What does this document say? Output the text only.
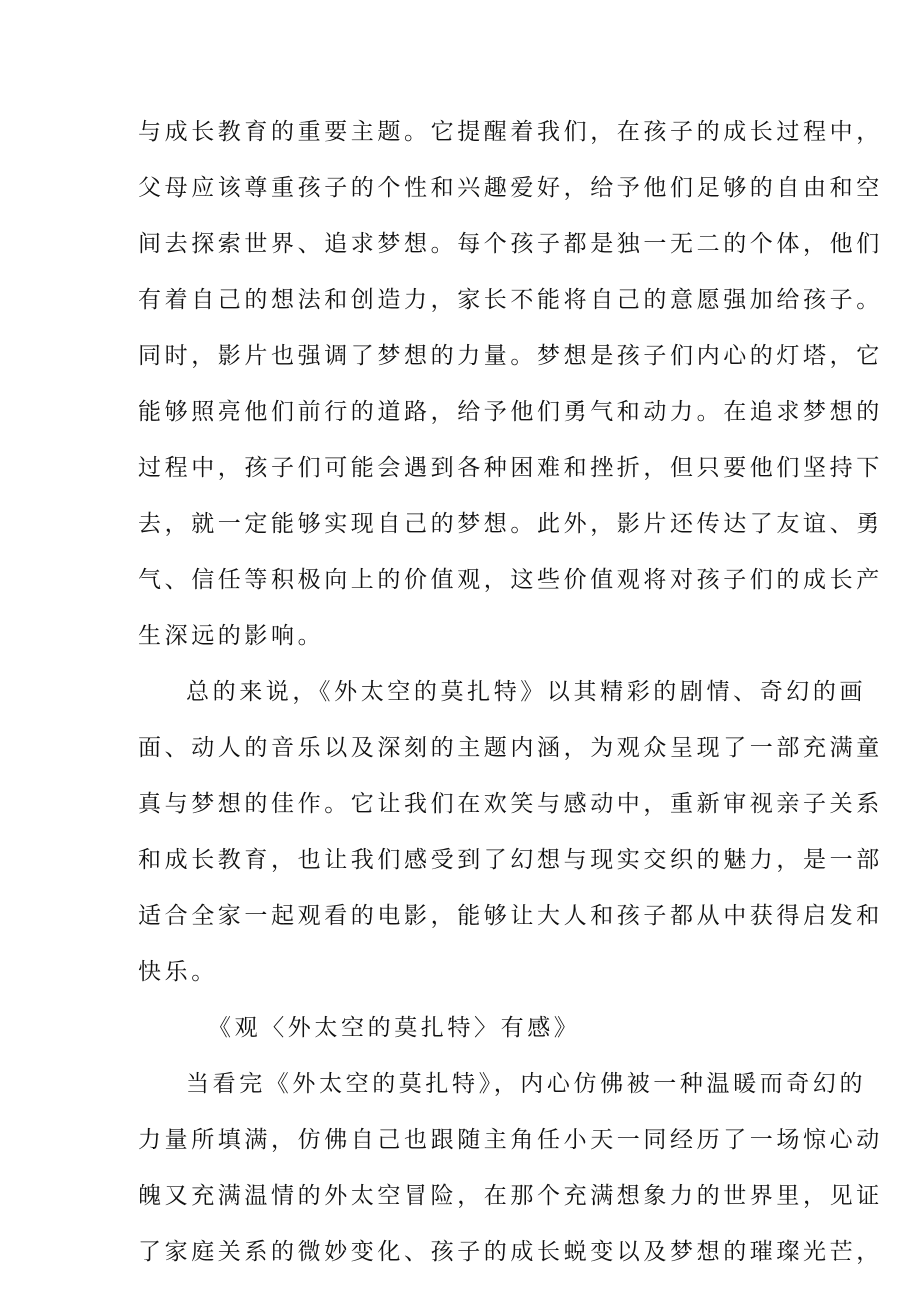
与成长教育的重要主题。它提醒着我们，在孩子的成长过程中，
父母应该尊重孩子的个性和兴趣爱好，给予他们足够的自由和空
间去探索世界、追求梦想。每个孩子都是独一无二的个体，他们
有着自己的想法和创造力，家长不能将自己的意愿强加给孩子。
同时，影片也强调了梦想的力量。梦想是孩子们内心的灯塔，它
能够照亮他们前行的道路，给予他们勇气和动力。在追求梦想的
过程中，孩子们可能会遇到各种困难和挫折，但只要他们坚持下
去，就一定能够实现自己的梦想。此外，影片还传达了友谊、勇
气、信任等积极向上的价值观，这些价值观将对孩子们的成长产
生深远的影响。
总的来说，《外太空的莫扎特》以其精彩的剧情、奇幻的画
面、动人的音乐以及深刻的主题内涵，为观众呈现了一部充满童
真与梦想的佳作。它让我们在欢笑与感动中，重新审视亲子关系
和成长教育，也让我们感受到了幻想与现实交织的魅力，是一部
适合全家一起观看的电影，能够让大人和孩子都从中获得启发和
快乐。
《观〈外太空的莫扎特〉有感》
当看完《外太空的莫扎特》，内心仿佛被一种温暖而奇幻的
力量所填满，仿佛自己也跟随主角任小天一同经历了一场惊心动
魄又充满温情的外太空冒险，在那个充满想象力的世界里，见证
了家庭关系的微妙变化、孩子的成长蜕变以及梦想的璀璨光芒，
